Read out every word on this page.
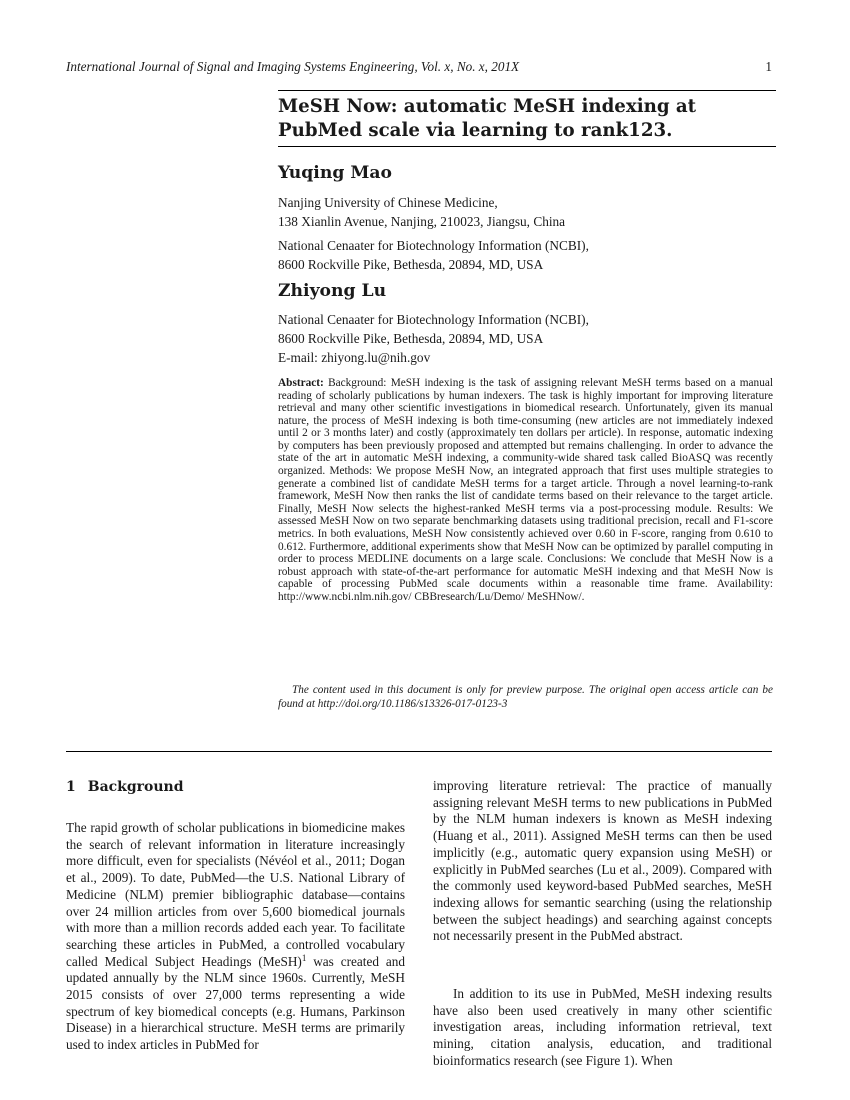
International Journal of Signal and Imaging Systems Engineering, Vol. x, No. x, 201X	1
MeSH Now: automatic MeSH indexing at
PubMed scale via learning to rank123.
Yuqing Mao
Nanjing University of Chinese Medicine,
138 Xianlin Avenue, Nanjing, 210023, Jiangsu, China
National Cenaater for Biotechnology Information (NCBI),
8600 Rockville Pike, Bethesda, 20894, MD, USA
Zhiyong Lu
National Cenaater for Biotechnology Information (NCBI),
8600 Rockville Pike, Bethesda, 20894, MD, USA
E-mail: zhiyong.lu@nih.gov
Abstract: Background: MeSH indexing is the task of assigning relevant MeSH terms based on a manual reading of scholarly publications by human indexers. The task is highly important for improving literature retrieval and many other scientific investigations in biomedical research. Unfortunately, given its manual nature, the process of MeSH indexing is both time-consuming (new articles are not immediately indexed until 2 or 3 months later) and costly (approximately ten dollars per article). In response, automatic indexing by computers has been previously proposed and attempted but remains challenging. In order to advance the state of the art in automatic MeSH indexing, a community-wide shared task called BioASQ was recently organized. Methods: We propose MeSH Now, an integrated approach that first uses multiple strategies to generate a combined list of candidate MeSH terms for a target article. Through a novel learning-to-rank framework, MeSH Now then ranks the list of candidate terms based on their relevance to the target article. Finally, MeSH Now selects the highest-ranked MeSH terms via a post-processing module. Results: We assessed MeSH Now on two separate benchmarking datasets using traditional precision, recall and F1-score metrics. In both evaluations, MeSH Now consistently achieved over 0.60 in F-score, ranging from 0.610 to 0.612. Furthermore, additional experiments show that MeSH Now can be optimized by parallel computing in order to process MEDLINE documents on a large scale. Conclusions: We conclude that MeSH Now is a robust approach with state-of-the-art performance for automatic MeSH indexing and that MeSH Now is capable of processing PubMed scale documents within a reasonable time frame. Availability: http://www.ncbi.nlm.nih.gov/ CBBresearch/Lu/Demo/ MeSHNow/.
The content used in this document is only for preview purpose. The original open access article can be found at http://doi.org/10.1186/s13326-017-0123-3
1 Background
The rapid growth of scholar publications in biomedicine makes the search of relevant information in literature increasingly more difficult, even for specialists (Névéol et al., 2011; Dogan et al., 2009). To date, PubMed—the U.S. National Library of Medicine (NLM) premier bibliographic database—contains over 24 million articles from over 5,600 biomedical journals with more than a million records added each year. To facilitate searching these articles in PubMed, a controlled vocabulary called Medical Subject Headings (MeSH)$^1$ was created and updated annually by the NLM since 1960s. Currently, MeSH 2015 consists of over 27,000 terms representing a wide spectrum of key biomedical concepts (e.g. Humans, Parkinson Disease) in a hierarchical structure. MeSH terms are primarily used to index articles in PubMed for
improving literature retrieval: The practice of manually assigning relevant MeSH terms to new publications in PubMed by the NLM human indexers is known as MeSH indexing (Huang et al., 2011). Assigned MeSH terms can then be used implicitly (e.g., automatic query expansion using MeSH) or explicitly in PubMed searches (Lu et al., 2009). Compared with the commonly used keyword-based PubMed searches, MeSH indexing allows for semantic searching (using the relationship between the subject headings) and searching against concepts not necessarily present in the PubMed abstract.
In addition to its use in PubMed, MeSH indexing results have also been used creatively in many other scientific investigation areas, including information retrieval, text mining, citation analysis, education, and traditional bioinformatics research (see Figure 1). When
